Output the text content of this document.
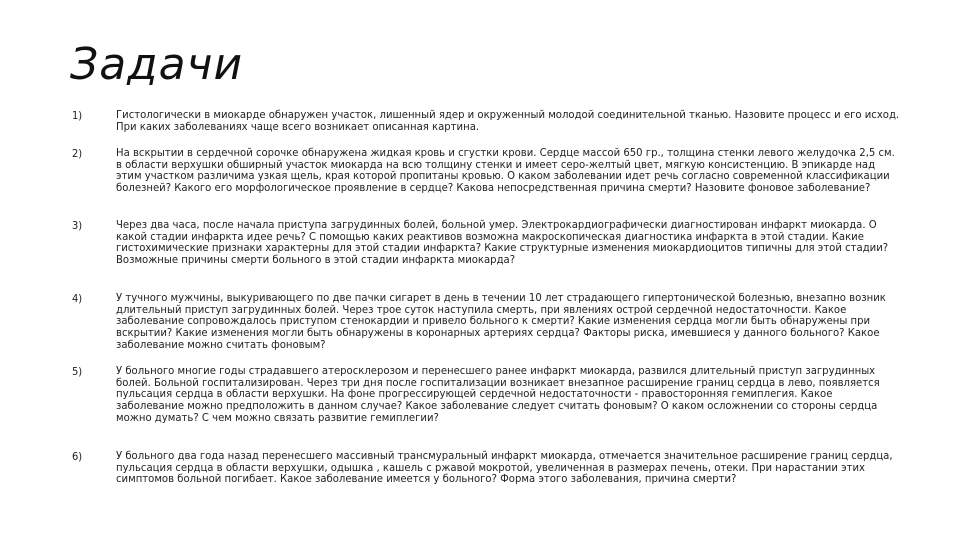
Задачи
1)	Гистологически в миокарде обнаружен участок, лишенный ядер и окруженный молодой соединительной тканью. Назовите процесс и его исход. При каких заболеваниях чаще всего возникает описанная картина.
2)	На вскрытии в сердечной сорочке обнаружена жидкая кровь и сгустки крови. Сердце массой 650 гр., толщина стенки левого желудочка 2,5 см. в области верхушки обширный участок миокарда на всю толщину стенки и имеет серо-желтый цвет, мягкую консистенцию. В эпикарде над этим участком различима узкая щель, края которой пропитаны кровью. О каком заболевании идет речь согласно современной классификации болезней? Какого его морфологическое проявление в сердце? Какова непосредственная причина смерти? Назовите фоновое заболевание?
3)	Через два часа, после начала приступа загрудинных болей, больной умер. Электрокардиографически диагностирован инфаркт миокарда. О какой стадии инфаркта идее речь? С помощью каких реактивов возможна макроскопическая диагностика инфаркта в этой стадии. Какие гистохимические признаки характерны для этой стадии инфаркта? Какие структурные изменения миокардиоцитов типичны для этой стадии? Возможные причины смерти больного в этой стадии инфаркта миокарда?
4)	У тучного мужчины, выкуривающего по две пачки сигарет в день в течении 10 лет страдающего гипертонической болезнью, внезапно возник длительный приступ загрудинных болей. Через трое суток наступила смерть, при явлениях острой сердечной недостаточности. Какое заболевание сопровождалось приступом стенокардии и привело больного к смерти? Какие изменения сердца могли быть обнаружены при вскрытии? Какие изменения могли быть обнаружены в коронарных артериях сердца? Факторы риска, имевшиеся у данного больного? Какое заболевание можно считать фоновым?
5)	У больного многие годы страдавшего атеросклерозом и перенесшего ранее инфаркт миокарда, развился длительный приступ загрудинных болей. Больной госпитализирован. Через три дня после госпитализации возникает внезапное расширение границ сердца в лево, появляется пульсация сердца в области верхушки. На фоне прогрессирующей сердечной недостаточности - правосторонняя гемиплегия. Какое заболевание можно предположить в данном случае? Какое заболевание следует считать фоновым? О каком осложнении со стороны сердца можно думать? С чем можно связать развитие гемиплегии?
6)	У больного два года назад перенесшего массивный трансмуральный инфаркт миокарда, отмечается значительное расширение границ сердца, пульсация сердца в области верхушки, одышка , кашель с ржавой мокротой, увеличенная в размерах печень, отеки. При нарастании этих симптомов больной погибает. Какое заболевание имеется у больного? Форма этого заболевания, причина смерти?
